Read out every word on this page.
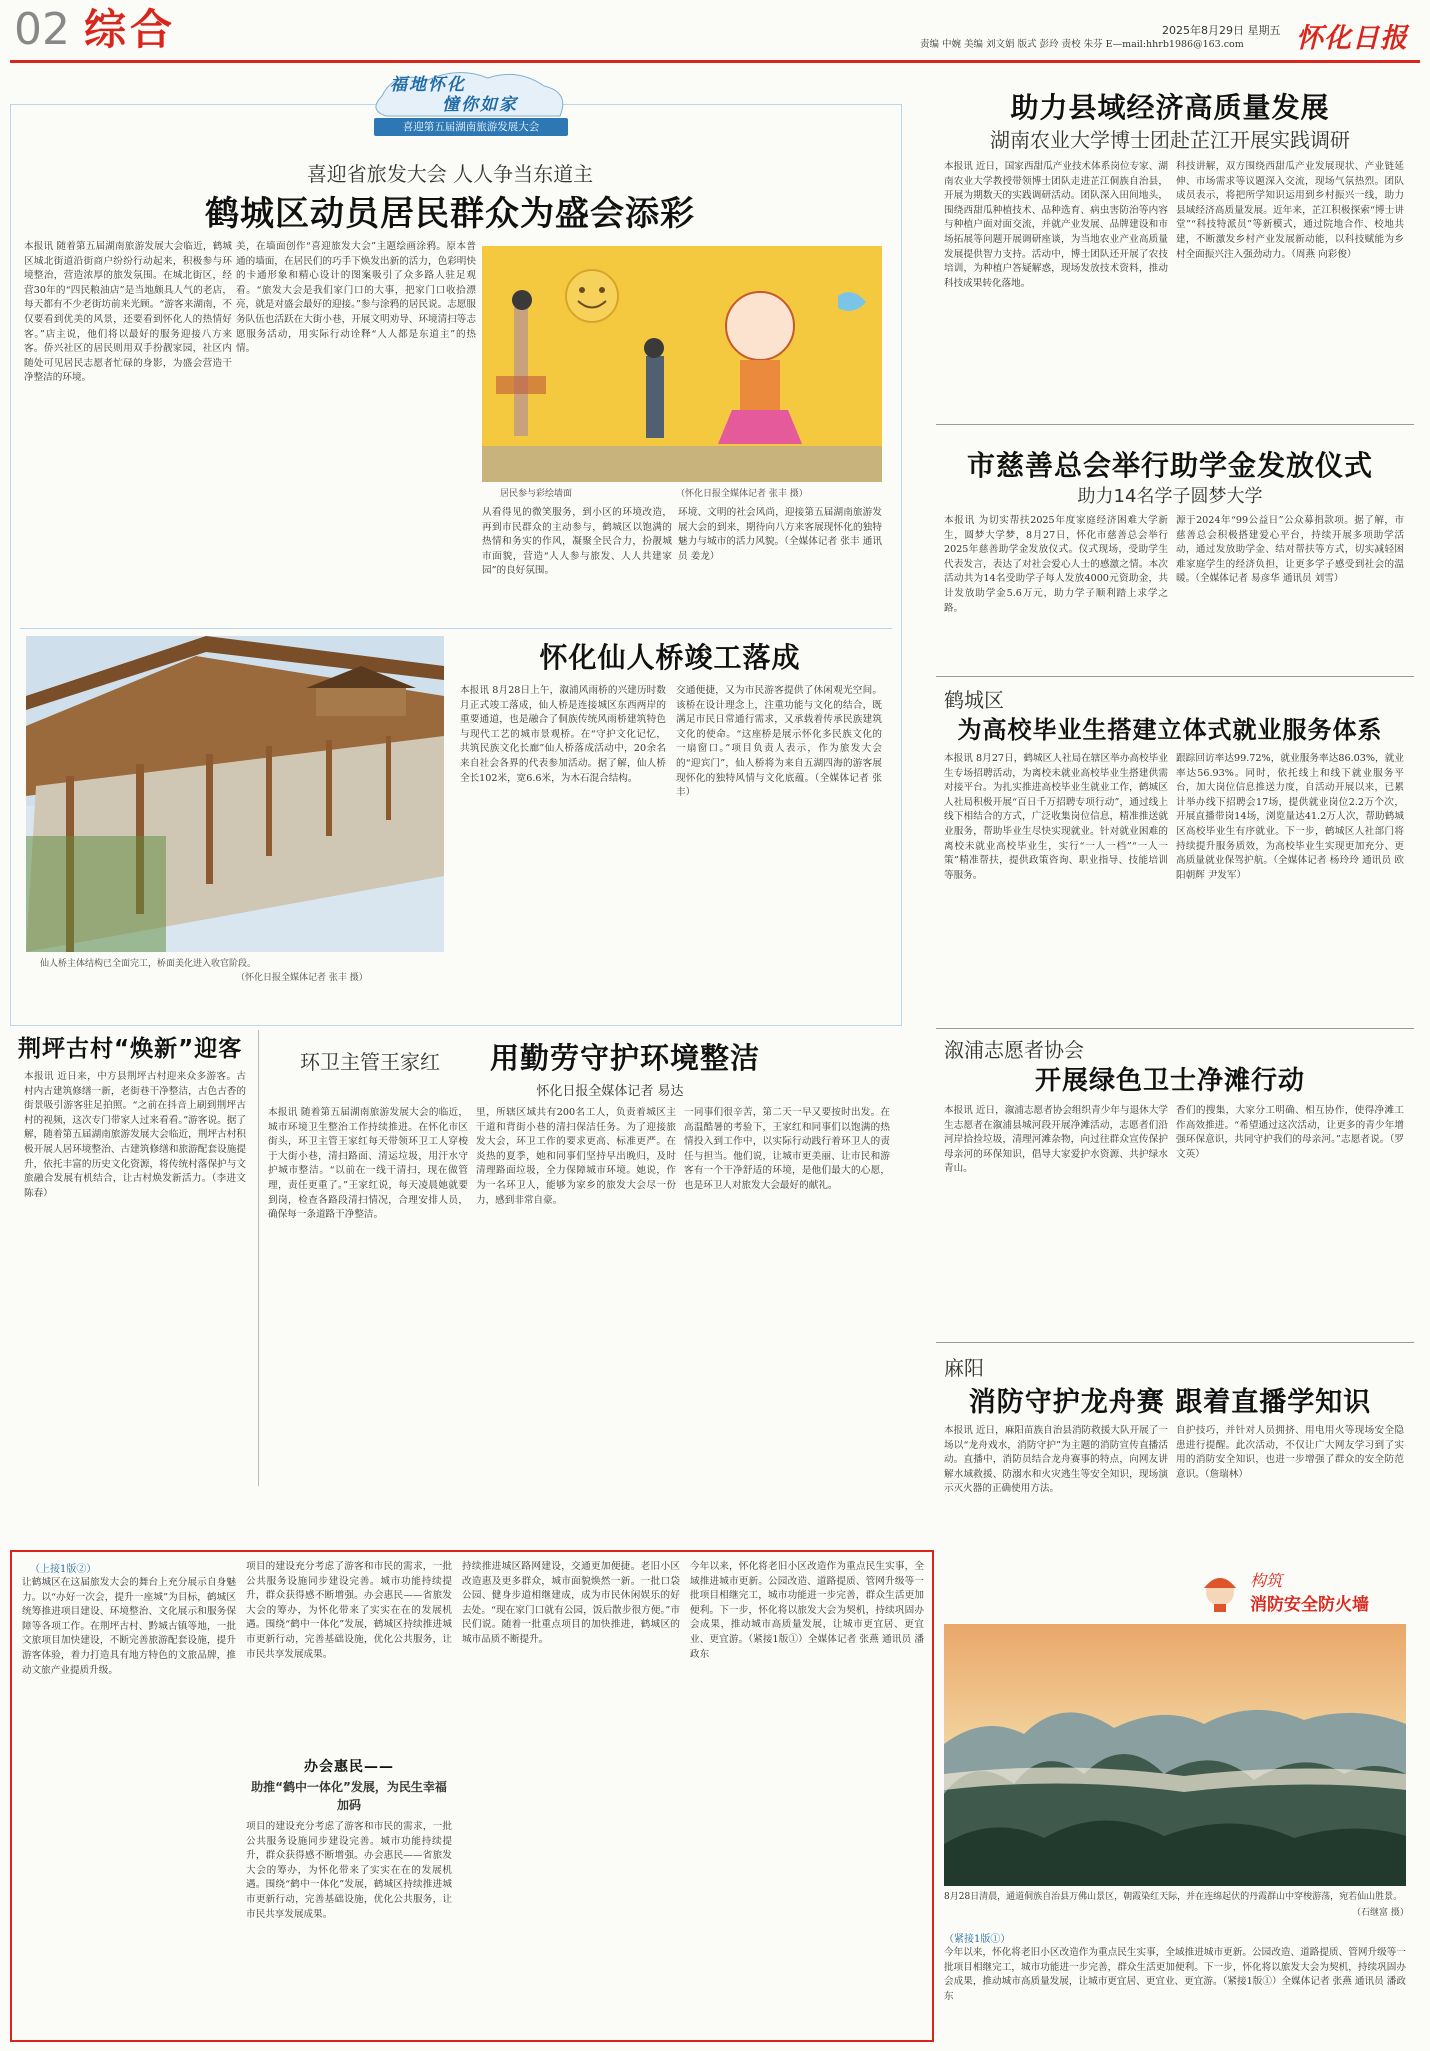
02 综合	责编 中婉 美编 刘文娟 版式 彭玲 责校 朱芬 E—mail:hhrb1986@163.com
2025年8月29日 星期五 怀化日报
福地怀化
憧你如家
喜迎第五届湖南旅游发展大会
喜迎省旅发大会 人人争当东道主
鹤城区动员居民群众为盛会添彩
本报讯 随着第五届湖南旅游发展大会临近，鹤城区城北街道沿街商户纷纷行动起来，积极参与环境整治，营造浓厚的旅发氛围。在城北街区，经营30年的“四民粮油店”是当地颇具人气的老店，每天都有不少老街坊前来光顾。“游客来湖南，不仅要看到优美的风景，还要看到怀化人的热情好客。”店主说，他们将以最好的服务迎接八方来客。侨兴社区的居民则用双手扮靓家园，社区内随处可见居民志愿者忙碌的身影，为盛会营造干净整洁的环境。
美，在墙面创作“喜迎旅发大会”主题绘画涂鸦。原本普通的墙面，在居民们的巧手下焕发出新的活力，色彩明快的卡通形象和精心设计的图案吸引了众多路人驻足观看。“旅发大会是我们家门口的大事，把家门口收拾漂亮，就是对盛会最好的迎接。”参与涂鸦的居民说。志愿服务队伍也活跃在大街小巷，开展文明劝导、环境清扫等志愿服务活动，用实际行动诠释“人人都是东道主”的热情。
居民参与彩绘墙面	（怀化日报全媒体记者 张丰 摄）
从看得见的微笑服务，到小区的环境改造，再到市民群众的主动参与，鹤城区以饱满的热情和务实的作风，凝聚全民合力，扮靓城市面貌，营造“人人参与旅发、人人共建家园”的良好氛围。
环境、文明的社会风尚，迎接第五届湖南旅游发展大会的到来，期待向八方来客展现怀化的独特魅力与城市的活力风貌。（全媒体记者 张丰 通讯员 姜龙）
仙人桥主体结构已全面完工，桥面美化进入收官阶段。
（怀化日报全媒体记者 张丰 摄）
怀化仙人桥竣工落成
本报讯 8月28日上午，溆浦风雨桥的兴建历时数月正式竣工落成，仙人桥是连接城区东西两岸的重要通道，也是融合了侗族传统风雨桥建筑特色与现代工艺的城市景观桥。在“守护文化记忆，共筑民族文化长廊”仙人桥落成活动中，20余名来自社会各界的代表参加活动。据了解，仙人桥全长102米，宽6.6米，为木石混合结构。
交通便捷，又为市民游客提供了休闲观光空间。该桥在设计理念上，注重功能与文化的结合，既满足市民日常通行需求，又承载着传承民族建筑文化的使命。“这座桥是展示怀化多民族文化的一扇窗口。”项目负责人表示，作为旅发大会的“迎宾门”，仙人桥将为来自五湖四海的游客展现怀化的独特风情与文化底蕴。（全媒体记者 张丰）
助力县域经济高质量发展
湖南农业大学博士团赴芷江开展实践调研
本报讯 近日，国家西甜瓜产业技术体系岗位专家、湖南农业大学教授带领博士团队走进芷江侗族自治县，开展为期数天的实践调研活动。团队深入田间地头，围绕西甜瓜种植技术、品种选育、病虫害防治等内容与种植户面对面交流，并就产业发展、品牌建设和市场拓展等问题开展调研座谈，为当地农业产业高质量发展提供智力支持。活动中，博士团队还开展了农技培训，为种植户答疑解惑，现场发放技术资料，推动科技成果转化落地。
科技讲解，双方围绕西甜瓜产业发展现状、产业链延伸、市场需求等议题深入交流，现场气氛热烈。团队成员表示，将把所学知识运用到乡村振兴一线，助力县域经济高质量发展。近年来，芷江积极探索“博士讲堂”“科技特派员”等新模式，通过院地合作、校地共建，不断激发乡村产业发展新动能，以科技赋能为乡村全面振兴注入强劲动力。（周燕 向彩俊）
市慈善总会举行助学金发放仪式
助力14名学子圆梦大学
本报讯 为切实帮扶2025年度家庭经济困难大学新生，圆梦大学梦，8月27日，怀化市慈善总会举行2025年慈善助学金发放仪式。仪式现场，受助学生代表发言，表达了对社会爱心人士的感激之情。本次活动共为14名受助学子每人发放4000元资助金，共计发放助学金5.6万元，助力学子顺利踏上求学之路。
源于2024年“99公益日”公众募捐款项。据了解，市慈善总会积极搭建爱心平台，持续开展多项助学活动，通过发放助学金、结对帮扶等方式，切实减轻困难家庭学生的经济负担，让更多学子感受到社会的温暖。（全媒体记者 易彦华 通讯员 刘雪）
鹤城区
为高校毕业生搭建立体式就业服务体系
本报讯 8月27日，鹤城区人社局在辖区举办高校毕业生专场招聘活动，为离校未就业高校毕业生搭建供需对接平台。为扎实推进高校毕业生就业工作，鹤城区人社局积极开展“百日千万招聘专项行动”，通过线上线下相结合的方式，广泛收集岗位信息，精准推送就业服务，帮助毕业生尽快实现就业。针对就业困难的离校未就业高校毕业生，实行“一人一档”“一人一策”精准帮扶，提供政策咨询、职业指导、技能培训等服务。
跟踪回访率达99.72%，就业服务率达86.03%，就业率达56.93%。同时，依托线上和线下就业服务平台，加大岗位信息推送力度，自活动开展以来，已累计举办线下招聘会17场，提供就业岗位2.2万个次，开展直播带岗14场，浏览量达41.2万人次，帮助鹤城区高校毕业生有序就业。下一步，鹤城区人社部门将持续提升服务质效，为高校毕业生实现更加充分、更高质量就业保驾护航。（全媒体记者 杨玲玲 通讯员 欧阳朝辉 尹发军）
荆坪古村“焕新”迎客
本报讯 近日来，中方县荆坪古村迎来众多游客。古村内古建筑修缮一新，老街巷干净整洁，古色古香的街景吸引游客驻足拍照。“之前在抖音上刷到荆坪古村的视频，这次专门带家人过来看看。”游客说。据了解，随着第五届湖南旅游发展大会临近，荆坪古村积极开展人居环境整治、古建筑修缮和旅游配套设施提升，依托丰富的历史文化资源，将传统村落保护与文旅融合发展有机结合，让古村焕发新活力。（李进文 陈春）
环卫主管王家红	用勤劳守护环境整洁
怀化日报全媒体记者 易达
本报讯 随着第五届湖南旅游发展大会的临近，城市环境卫生整治工作持续推进。在怀化市区街头，环卫主管王家红每天带领环卫工人穿梭于大街小巷，清扫路面、清运垃圾，用汗水守护城市整洁。“以前在一线干清扫，现在做管理，责任更重了。”王家红说，每天凌晨她就要到岗，检查各路段清扫情况，合理安排人员，确保每一条道路干净整洁。
里，所辖区域共有200名工人，负责着城区主干道和背街小巷的清扫保洁任务。为了迎接旅发大会，环卫工作的要求更高、标准更严。在炎热的夏季，她和同事们坚持早出晚归，及时清理路面垃圾，全力保障城市环境。她说，作为一名环卫人，能够为家乡的旅发大会尽一份力，感到非常自豪。
一同事们很辛苦，第二天一早又要按时出发。在高温酷暑的考验下，王家红和同事们以饱满的热情投入到工作中，以实际行动践行着环卫人的责任与担当。他们说，让城市更美丽、让市民和游客有一个干净舒适的环境，是他们最大的心愿，也是环卫人对旅发大会最好的献礼。
溆浦志愿者协会
开展绿色卫士净滩行动
本报讯 近日，溆浦志愿者协会组织青少年与退休大学生志愿者在溆浦县城河段开展净滩活动，志愿者们沿河岸拾捡垃圾，清理河滩杂物，向过往群众宣传保护母亲河的环保知识，倡导大家爱护水资源、共护绿水青山。
香们的搜集，大家分工明确、相互协作，使得净滩工作高效推进。“希望通过这次活动，让更多的青少年增强环保意识，共同守护我们的母亲河。”志愿者说。（罗文英）
麻阳
消防守护龙舟赛 跟着直播学知识
本报讯 近日，麻阳苗族自治县消防救援大队开展了一场以“龙舟戏水，消防守护”为主题的消防宣传直播活动。直播中，消防员结合龙舟赛事的特点，向网友讲解水域救援、防溺水和火灾逃生等安全知识，现场演示灭火器的正确使用方法。
自护技巧，并针对人员拥挤、用电用火等现场安全隐患进行提醒。此次活动，不仅让广大网友学习到了实用的消防安全知识，也进一步增强了群众的安全防范意识。（詹瑞林）
构筑
消防安全防火墙
8月28日清晨，通道侗族自治县万佛山景区，朝霞染红天际，并在连绵起伏的丹霞群山中穿梭游荡，宛若仙山胜景。
（石继富 摄）
（上接1版②）
让鹤城区在这届旅发大会的舞台上充分展示自身魅力。以“办好一次会，提升一座城”为目标，鹤城区统筹推进项目建设、环境整治、文化展示和服务保障等各项工作。在荆坪古村、黔城古镇等地，一批文旅项目加快建设，不断完善旅游配套设施，提升游客体验，着力打造具有地方特色的文旅品牌，推动文旅产业提质升级。
项目的建设充分考虑了游客和市民的需求，一批公共服务设施同步建设完善。城市功能持续提升，群众获得感不断增强。办会惠民——省旅发大会的筹办，为怀化带来了实实在在的发展机遇。围绕“鹤中一体化”发展，鹤城区持续推进城市更新行动，完善基础设施，优化公共服务，让市民共享发展成果。
办会惠民——
助推“鹤中一体化”发展，为民生幸福加码
项目的建设充分考虑了游客和市民的需求，一批公共服务设施同步建设完善。城市功能持续提升，群众获得感不断增强。办会惠民——省旅发大会的筹办，为怀化带来了实实在在的发展机遇。围绕“鹤中一体化”发展，鹤城区持续推进城市更新行动，完善基础设施，优化公共服务，让市民共享发展成果。
持续推进城区路网建设，交通更加便捷。老旧小区改造惠及更多群众，城市面貌焕然一新。一批口袋公园、健身步道相继建成，成为市民休闲娱乐的好去处。“现在家门口就有公园，饭后散步很方便。”市民们说。随着一批重点项目的加快推进，鹤城区的城市品质不断提升。
今年以来，怀化将老旧小区改造作为重点民生实事，全域推进城市更新。公园改造、道路提质、管网升级等一批项目相继完工，城市功能进一步完善，群众生活更加便利。下一步，怀化将以旅发大会为契机，持续巩固办会成果，推动城市高质量发展，让城市更宜居、更宜业、更宜游。（紧接1版①）全媒体记者 张燕 通讯员 潘政东
（紧接1版①）
今年以来，怀化将老旧小区改造作为重点民生实事，全域推进城市更新。公园改造、道路提质、管网升级等一批项目相继完工，城市功能进一步完善，群众生活更加便利。下一步，怀化将以旅发大会为契机，持续巩固办会成果，推动城市高质量发展，让城市更宜居、更宜业、更宜游。（紧接1版①）全媒体记者 张燕 通讯员 潘政东
